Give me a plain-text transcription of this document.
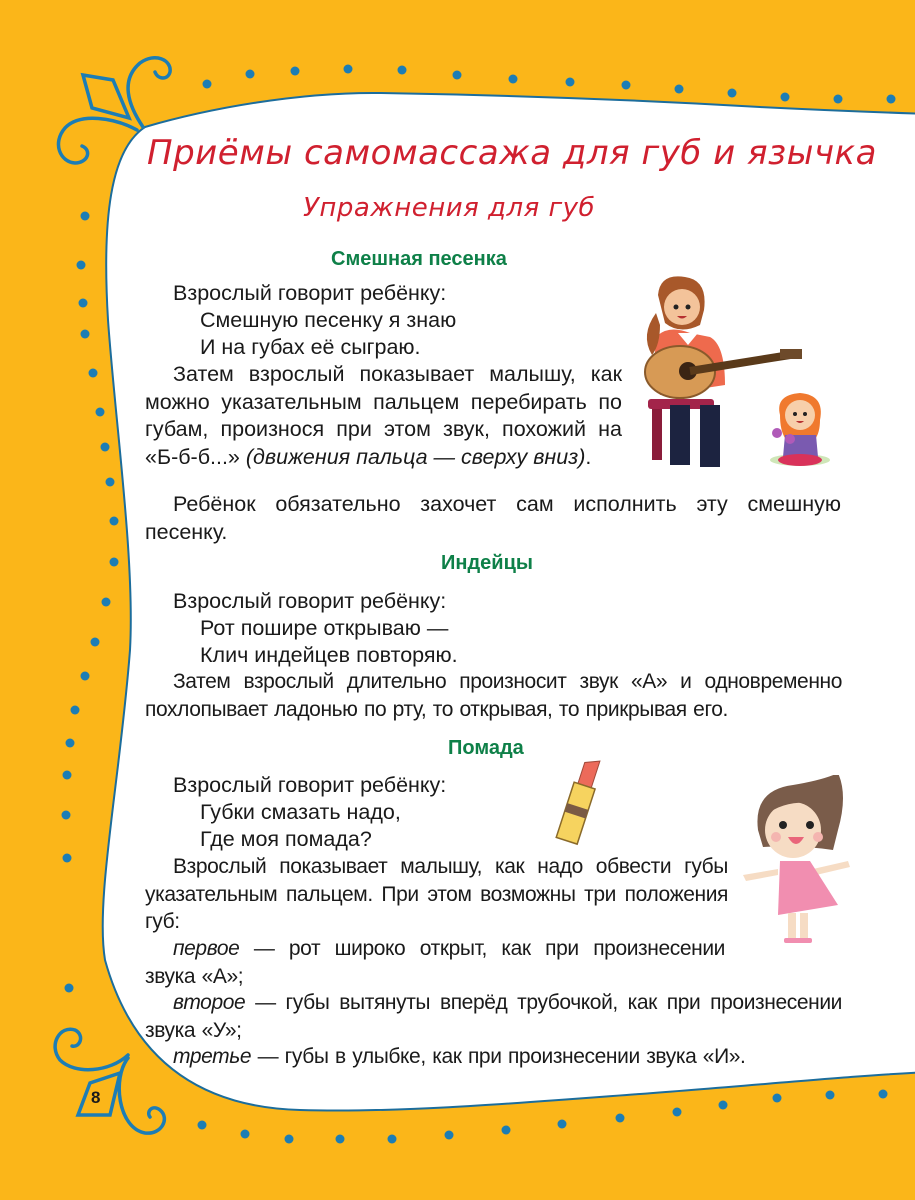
8
Приёмы самомассажа для губ и язычка
Упражнения для губ
Смешная песенка
Взрослый говорит ребёнку:
Смешную песенку я знаю
И на губах её сыграю.
Затем взрослый показывает малышу, как можно указательным пальцем перебирать по губам, произнося при этом звук, похожий на «Б-б-б...» (движения пальца — сверху вниз).
Ребёнок обязательно захочет сам исполнить эту смешную песенку.
Индейцы
Взрослый говорит ребёнку:
Рот пошире открываю —
Клич индейцев повторяю.
Затем взрослый длительно произносит звук «А» и одновременно похлопывает ладонью по рту, то открывая, то прикрывая его.
Помада
Взрослый говорит ребёнку:
Губки смазать надо,
Где моя помада?
Взрослый показывает малышу, как надо обвести губы указательным пальцем. При этом возможны три положения губ:
первое — рот широко открыт, как при произнесении звука «А»;
второе — губы вытянуты вперёд трубочкой, как при произнесении звука «У»;
третье — губы в улыбке, как при произнесении звука «И».
